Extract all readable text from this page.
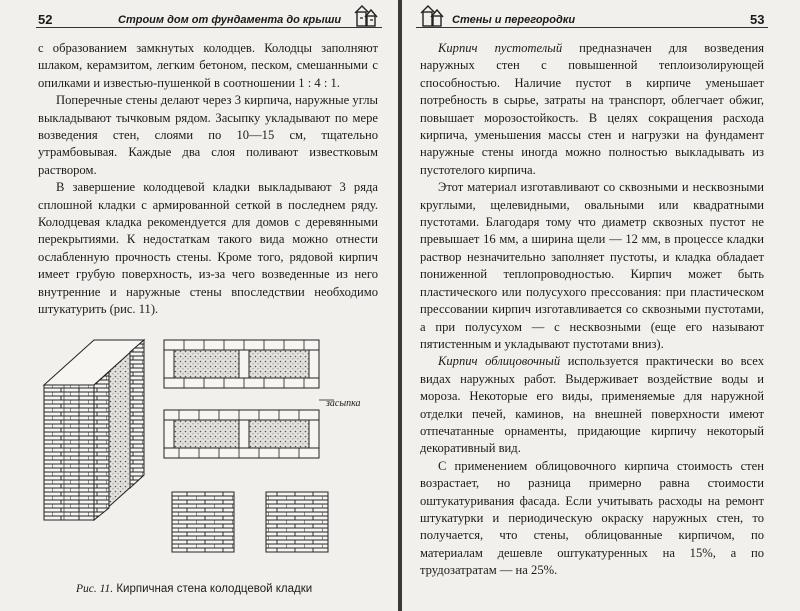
52	Строим дом от фундамента до крыши

с образованием замкнутых колодцев. Колодцы заполняют шлаком, керамзитом, легким бетоном, песком, смешанными с опилками и известью-пушенкой в соотношении 1 : 4 : 1.

Поперечные стены делают через 3 кирпича, наружные углы выкладывают тычковым рядом. Засыпку укладывают по мере возведения стен, слоями по 10—15 см, тщательно утрамбовывая. Каждые два слоя поливают известковым раствором.

В завершение колодцевой кладки выкладывают 3 ряда сплошной кладки с армированной сеткой в последнем ряду. Колодцевая кладка рекомендуется для домов с деревянными перекрытиями. К недостаткам такого вида можно отнести ослабленную прочность стены. Кроме того, рядовой кирпич имеет грубую поверхность, из-за чего возведенные из него внутренние и наружные стены впоследствии необходимо штукатурить (рис. 11).

засыпка
Рис. 11. Кирпичная стена колодцевой кладки
Стены и перегородки	53

Кирпич пустотелый предназначен для возведения наружных стен с повышенной теплоизолирующей способностью. Наличие пустот в кирпиче уменьшает потребность в сырье, затраты на транспорт, облегчает обжиг, повышает морозостойкость. В целях сокращения расхода кирпича, уменьшения массы стен и нагрузки на фундамент наружные стены иногда можно полностью выкладывать из пустотелого кирпича.

Этот материал изготавливают со сквозными и несквозными круглыми, щелевидными, овальными или квадратными пустотами. Благодаря тому что диаметр сквозных пустот не превышает 16 мм, а ширина щели — 12 мм, в процессе кладки раствор незначительно заполняет пустоты, и кладка обладает пониженной теплопроводностью. Кирпич может быть пластического или полусухого прессования: при пластическом прессовании кирпич изготавливается со сквозными пустотами, а при полусухом — с несквозными (еще его называют пятистенным и укладывают пустотами вниз).

Кирпич облицовочный используется практически во всех видах наружных работ. Выдерживает воздействие воды и мороза. Некоторые его виды, применяемые для наружной отделки печей, каминов, на внешней поверхности имеют отпечатанные орнаменты, придающие кирпичу некоторый декоративный вид.

С применением облицовочного кирпича стоимость стен возрастает, но разница примерно равна стоимости оштукатуривания фасада. Если учитывать расходы на ремонт штукатурки и периодическую окраску наружных стен, то получается, что стены, облицованные кирпичом, по материалам дешевле оштукатуренных на 15%, а по трудозатратам — на 25%.
